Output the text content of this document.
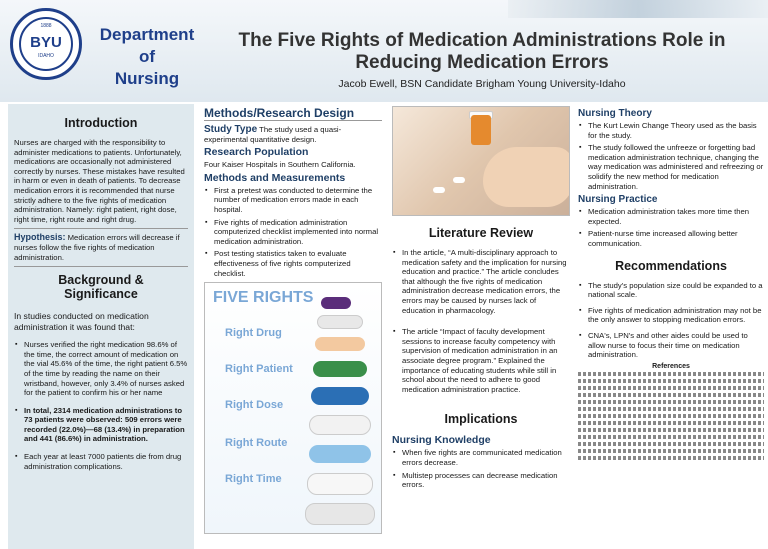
1888
BYU
IDAHO
Department
of
Nursing
The Five Rights of Medication Administrations Role in
Reducing Medication Errors
Jacob Ewell, BSN Candidate Brigham Young University-Idaho
Introduction

Nurses are charged with the responsibility to administer medications to patients. Unfortunately, medications are occasionally not administered correctly by nurses. These mistakes have resulted in harm or even in death of patients. To decrease medication errors it is recommended that nurse strictly adhere to the five rights of medication administration. Namely: right patient, right dose, right time, right route and right drug.

Hypothesis: Medication errors will decrease if nurses follow the five rights of medication administration.

Background &
Significance

In studies conducted on medication administration it was found that:

▪ Nurses verified the right medication 98.6% of the time, the correct amount of medication on the vial 45.6% of the time, the right patient 6.5% of the time by reading the name on their wristband, however, only 3.4% of nurses asked for the patient to confirm his or her name
▪ In total, 2314 medication administrations to 73 patients were observed: 509 errors were recorded (22.0%)—68 (13.4%) in preparation and 441 (86.6%) in administration.
▪ Each year at least 7000 patients die from drug administration complications.
Methods/Research Design

Study Type The study used a quasi-experimental quantitative design.

Research Population

Four Kaiser Hospitals in Southern California.

Methods and Measurements
▪ First a pretest was conducted to determine the number of medication errors made in each hospital.
▪ Five rights of medication administration computerized checklist implemented into normal medication administration.
▪ Post testing statistics taken to evaluate effectiveness of five rights computerized checklist.
FIVE RIGHTS
Right Drug
Right Patient
Right Dose
Right Route
Right Time
Literature Review
▪ In the article, “A multi-disciplinary approach to medication safety and the implication for nursing education and practice.” The article concludes that although the five rights of medication administration decrease medication errors, the errors may be caused by nurses lack of education in pharmacology.
▪ The article “Impact of faculty development sessions to increase faculty competency with supervision of medication administration in an associate degree program.” Explained the importance of educating students while still in school about the need to adhere to good medication administration practice.
Implications
Nursing Knowledge
▪ When five rights are communicated medication errors decrease.
▪ Multistep processes can decrease medication errors.
Nursing Theory
▪ The Kurt Lewin Change Theory used as the basis for the study.
▪ The study followed the unfreeze or forgetting bad medication administration technique, changing the way medication was administered and refreezing or solidify the new method for medication administration.
Nursing Practice
▪ Medication administration takes more time then expected.
▪ Patient-nurse time increased allowing better communication.
Recommendations
▪ The study's population size could be expanded to a national scale.
▪ Five rights of medication administration may not be the only answer to stopping medication errors.
▪ CNA's, LPN's and other aides could be used to allow nurse to focus their time on medication administration.
References
